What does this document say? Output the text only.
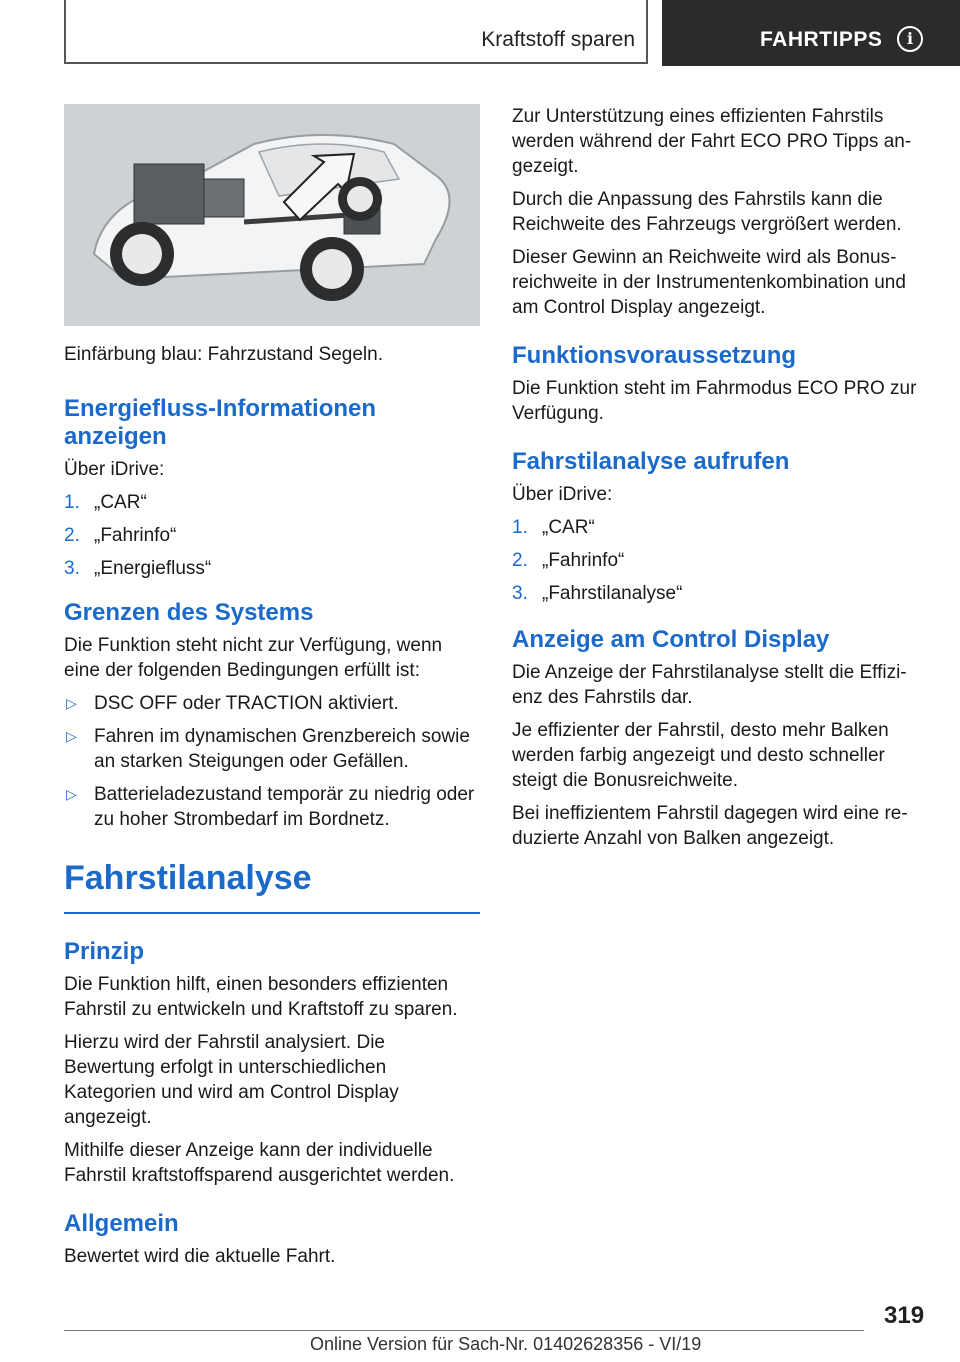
Kraftstoff sparen	FAHRTIPPS	i

Einfärbung blau: Fahrzustand Segeln.

Energiefluss-Informationen anzeigen

Über iDrive:

1. „CAR“
2. „Fahrinfo“
3. „Energiefluss“
Grenzen des Systems

Die Funktion steht nicht zur Verfügung, wenn eine der folgenden Bedingungen erfüllt ist:

▷ DSC OFF oder TRACTION aktiviert.
▷ Fahren im dynamischen Grenzbereich sowie an starken Steigungen oder Gefällen.
▷ Batterieladezustand temporär zu niedrig oder zu hoher Strombedarf im Bordnetz.
Fahrstilanalyse
Prinzip

Die Funktion hilft, einen besonders effizienten Fahrstil zu entwickeln und Kraftstoff zu sparen.

Hierzu wird der Fahrstil analysiert. Die Bewertung erfolgt in unterschiedlichen Kategorien und wird am Control Display angezeigt.

Mithilfe dieser Anzeige kann der individuelle Fahrstil kraftstoffsparend ausgerichtet werden.

Allgemein

Bewertet wird die aktuelle Fahrt.

Zur Unterstützung eines effizienten Fahrstils werden während der Fahrt ECO PRO Tipps angezeigt.

Durch die Anpassung des Fahrstils kann die Reichweite des Fahrzeugs vergrößert werden.

Dieser Gewinn an Reichweite wird als Bonusreichweite in der Instrumentenkombination und am Control Display angezeigt.

Funktionsvoraussetzung

Die Funktion steht im Fahrmodus ECO PRO zur Verfügung.

Fahrstilanalyse aufrufen

Über iDrive:

1. „CAR“
2. „Fahrinfo“
3. „Fahrstilanalyse“
Anzeige am Control Display

Die Anzeige der Fahrstilanalyse stellt die Effizienz des Fahrstils dar.

Je effizienter der Fahrstil, desto mehr Balken werden farbig angezeigt und desto schneller steigt die Bonusreichweite.

Bei ineffizientem Fahrstil dagegen wird eine reduzierte Anzahl von Balken angezeigt.

319
Online Version für Sach-Nr. 01402628356 - VI/19
